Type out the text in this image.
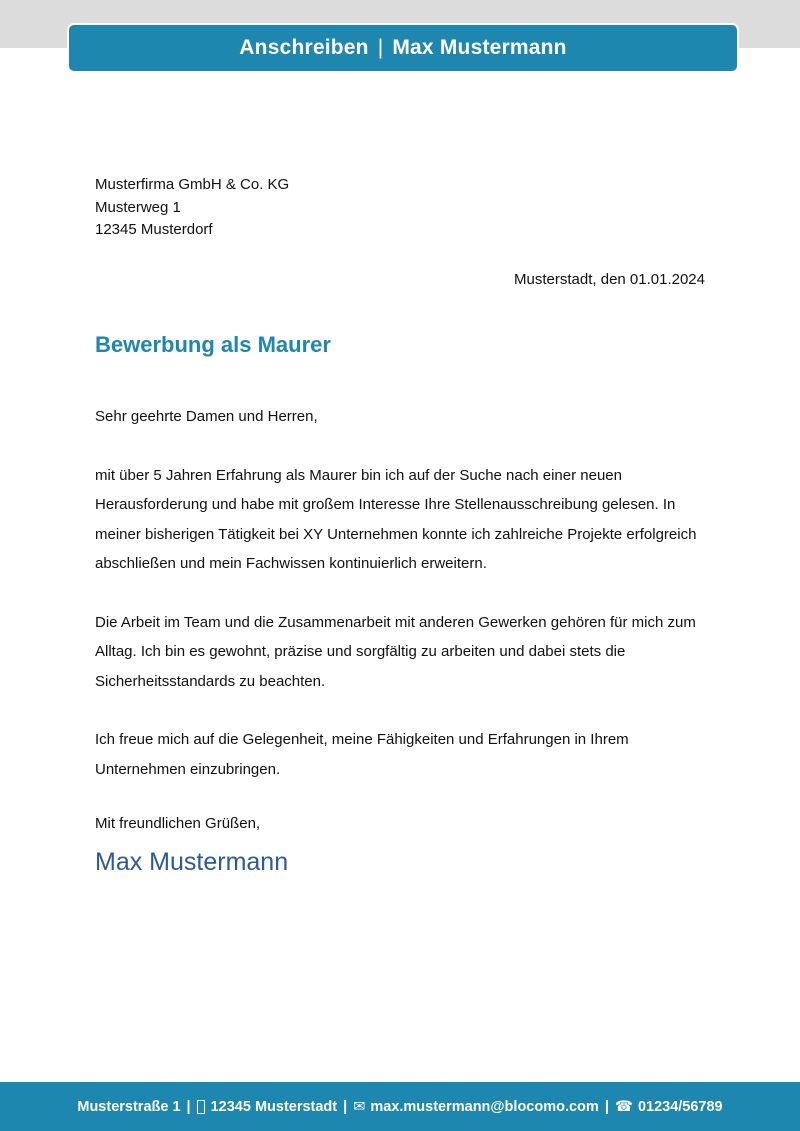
Anschreiben | Max Mustermann
Musterfirma GmbH & Co. KG
Musterweg 1
12345 Musterdorf
Musterstadt, den 01.01.2024
Bewerbung als Maurer

Sehr geehrte Damen und Herren,

mit über 5 Jahren Erfahrung als Maurer bin ich auf der Suche nach einer neuen Herausforderung und habe mit großem Interesse Ihre Stellenausschreibung gelesen. In meiner bisherigen Tätigkeit bei XY Unternehmen konnte ich zahlreiche Projekte erfolgreich abschließen und mein Fachwissen kontinuierlich erweitern.

Die Arbeit im Team und die Zusammenarbeit mit anderen Gewerken gehören für mich zum Alltag. Ich bin es gewohnt, präzise und sorgfältig zu arbeiten und dabei stets die Sicherheitsstandards zu beachten.

Ich freue mich auf die Gelegenheit, meine Fähigkeiten und Erfahrungen in Ihrem Unternehmen einzubringen.

Mit freundlichen Grüßen,
Max Mustermann
Musterstraße 1 | 12345 Musterstadt | ✉ max.mustermann@blocomo.com | ☎ 01234/56789
